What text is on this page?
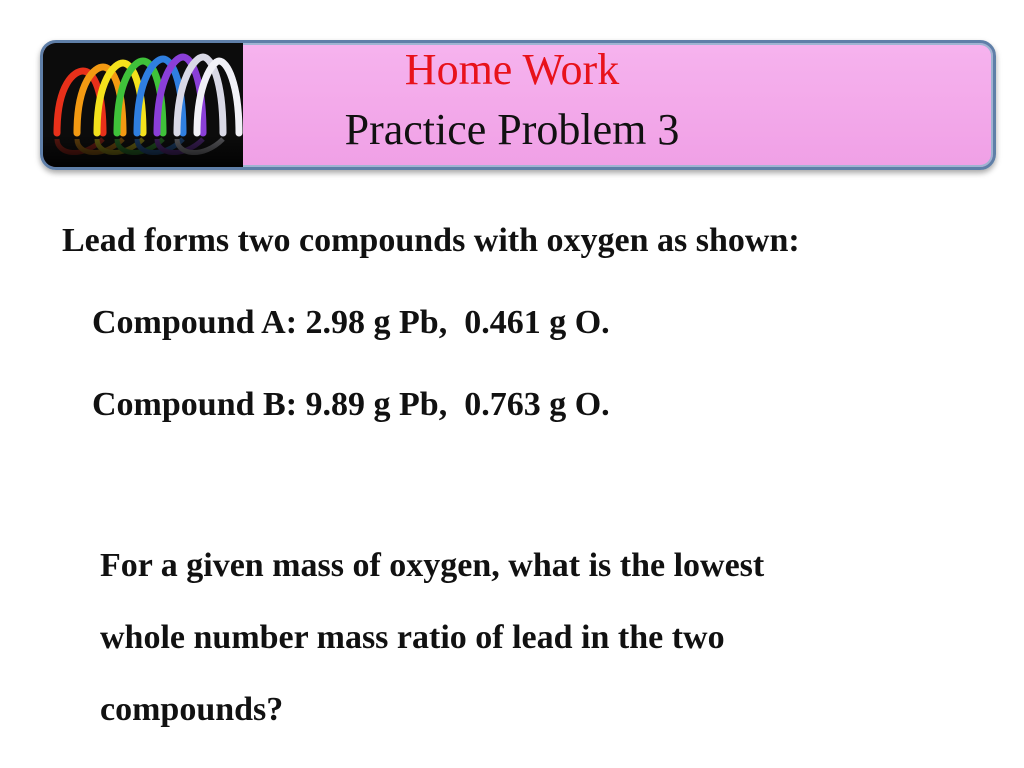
Home Work
Practice Problem 3
Lead forms two compounds with oxygen as shown:
Compound A: 2.98 g Pb,  0.461 g O.
Compound B: 9.89 g Pb,  0.763 g O.
For a given mass of oxygen, what is the lowest
whole number mass ratio of lead in the two
compounds?
